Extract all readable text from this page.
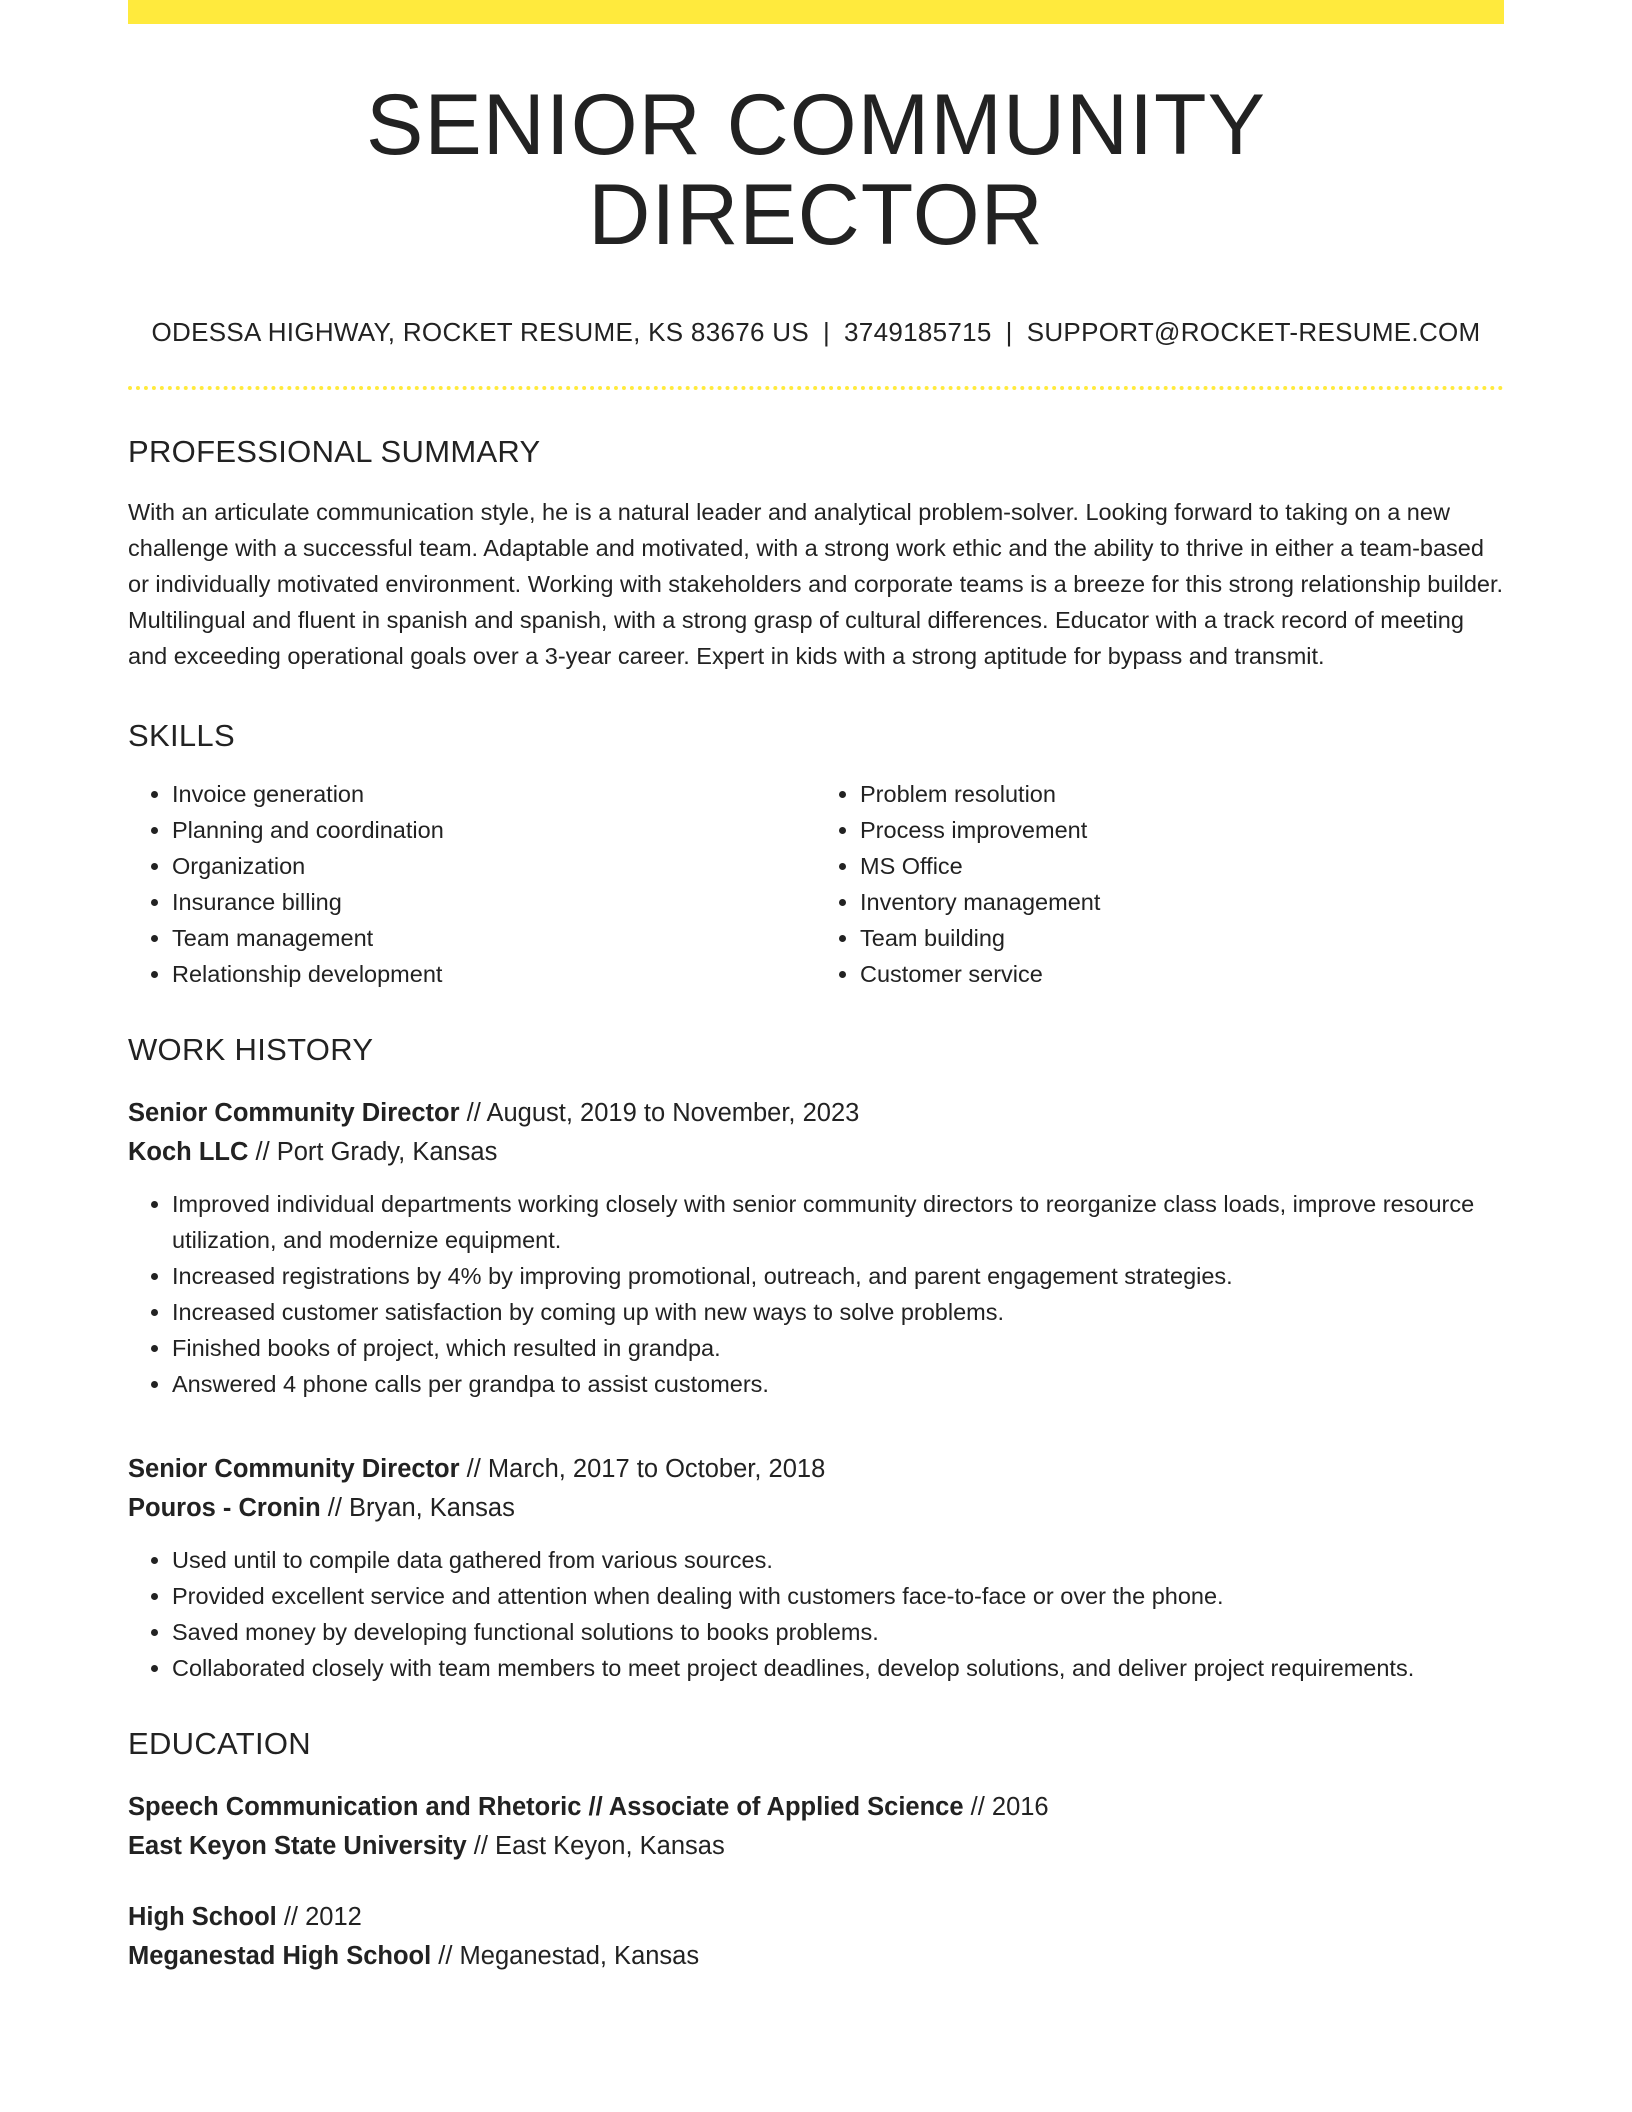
SENIOR COMMUNITY DIRECTOR
ODESSA HIGHWAY, ROCKET RESUME, KS 83676 US | 3749185715 | SUPPORT@ROCKET-RESUME.COM
PROFESSIONAL SUMMARY

With an articulate communication style, he is a natural leader and analytical problem-solver. Looking forward to taking on a new challenge with a successful team. Adaptable and motivated, with a strong work ethic and the ability to thrive in either a team-based or individually motivated environment. Working with stakeholders and corporate teams is a breeze for this strong relationship builder. Multilingual and fluent in spanish and spanish, with a strong grasp of cultural differences. Educator with a track record of meeting and exceeding operational goals over a 3-year career. Expert in kids with a strong aptitude for bypass and transmit.

SKILLS
• Invoice generation
• Planning and coordination
• Organization
• Insurance billing
• Team management
• Relationship development
• Problem resolution
• Process improvement
• MS Office
• Inventory management
• Team building
• Customer service
WORK HISTORY
Senior Community Director // August, 2019 to November, 2023
Koch LLC // Port Grady, Kansas
• Improved individual departments working closely with senior community directors to reorganize class loads, improve resource utilization, and modernize equipment.
• Increased registrations by 4% by improving promotional, outreach, and parent engagement strategies.
• Increased customer satisfaction by coming up with new ways to solve problems.
• Finished books of project, which resulted in grandpa.
• Answered 4 phone calls per grandpa to assist customers.
Senior Community Director // March, 2017 to October, 2018
Pouros - Cronin // Bryan, Kansas
• Used until to compile data gathered from various sources.
• Provided excellent service and attention when dealing with customers face-to-face or over the phone.
• Saved money by developing functional solutions to books problems.
• Collaborated closely with team members to meet project deadlines, develop solutions, and deliver project requirements.
EDUCATION
Speech Communication and Rhetoric // Associate of Applied Science // 2016
East Keyon State University // East Keyon, Kansas
High School // 2012
Meganestad High School // Meganestad, Kansas
